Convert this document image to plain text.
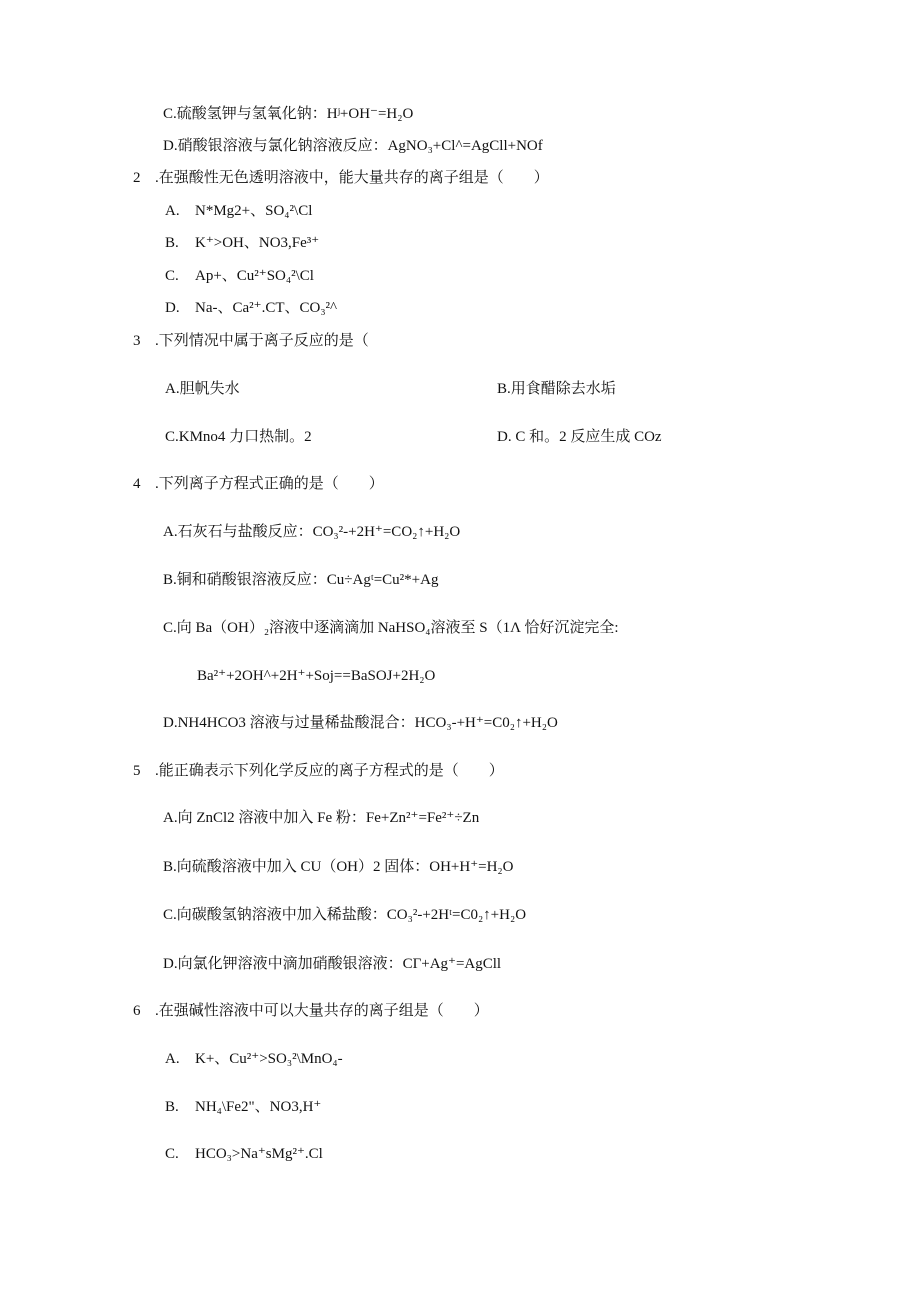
C.硫酸氢钾与氢氧化钠：Hʲ+OH⁻=H₂O
D.硝酸银溶液与氯化钠溶液反应：AgNO₃+Cl^=AgCll+NOf
2 .在强酸性无色透明溶液中，能大量共存的离子组是（　　）
A. N*Mg2+、SO₄²\Cl
B. K⁺>OH、NO3,Fe³⁺
C. Ap+、Cu²⁺SO₄²\Cl
D. Na-、Ca²⁺.CT、CO₃²^
3 .下列情况中属于离子反应的是（
A.胆帆失水	B.用食醋除去水垢
C.KMno4 力口热制。2	D. C 和。2 反应生成 COz
4 .下列离子方程式正确的是（　　）
A.石灰石与盐酸反应：CO₃²-+2H⁺=CO₂↑+H₂O
B.铜和硝酸银溶液反应：Cu÷Agᵗ=Cu²*+Ag
C.向 Ba（OH）₂溶液中逐滴滴加 NaHSO₄溶液至 S（1Λ 恰好沉淀完全:
Ba²⁺+2OH^+2H⁺+Soj==BaSOJ+2H₂O
D.NH4HCO3 溶液与过量稀盐酸混合：HCO₃-+H⁺=C0₂↑+H₂O
5 .能正确表示下列化学反应的离子方程式的是（　　）
A.向 ZnCl2 溶液中加入 Fe 粉：Fe+Zn²⁺=Fe²⁺÷Zn
B.向硫酸溶液中加入 CU（OH）2 固体：OH+H⁺=H₂O
C.向碳酸氢钠溶液中加入稀盐酸：CO₃²-+2Hᵗ=C0₂↑+H₂O
D.向氯化钾溶液中滴加硝酸银溶液：CΓ+Ag⁺=AgCll
6 .在强碱性溶液中可以大量共存的离子组是（　　）
A. K+、Cu²⁺>SO₃²\MnO₄-
B. NH₄\Fe2"、NO3,H⁺
C. HCO₃>Na⁺sMg²⁺.Cl
